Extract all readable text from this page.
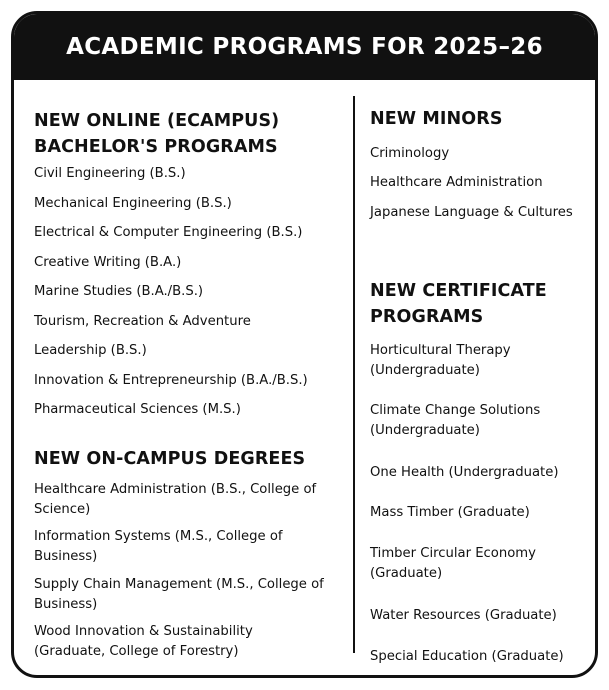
ACADEMIC PROGRAMS FOR 2025–26
NEW ONLINE (ECAMPUS) BACHELOR'S PROGRAMS

Civil Engineering (B.S.)

Mechanical Engineering (B.S.)

Electrical & Computer Engineering (B.S.)

Creative Writing (B.A.)

Marine Studies (B.A./B.S.)

Tourism, Recreation & Adventure

Leadership (B.S.)

Innovation & Entrepreneurship (B.A./B.S.)

Pharmaceutical Sciences (M.S.)

NEW ON-CAMPUS DEGREES

Healthcare Administration (B.S., College of Science)

Information Systems (M.S., College of Business)

Supply Chain Management (M.S., College of Business)

Wood Innovation & Sustainability (Graduate, College of Forestry)

NEW MINORS

Criminology

Healthcare Administration

Japanese Language & Cultures

NEW CERTIFICATE PROGRAMS

Horticultural Therapy (Undergraduate)

Climate Change Solutions (Undergraduate)

One Health (Undergraduate)

Mass Timber (Graduate)

Timber Circular Economy (Graduate)

Water Resources (Graduate)

Special Education (Graduate)
